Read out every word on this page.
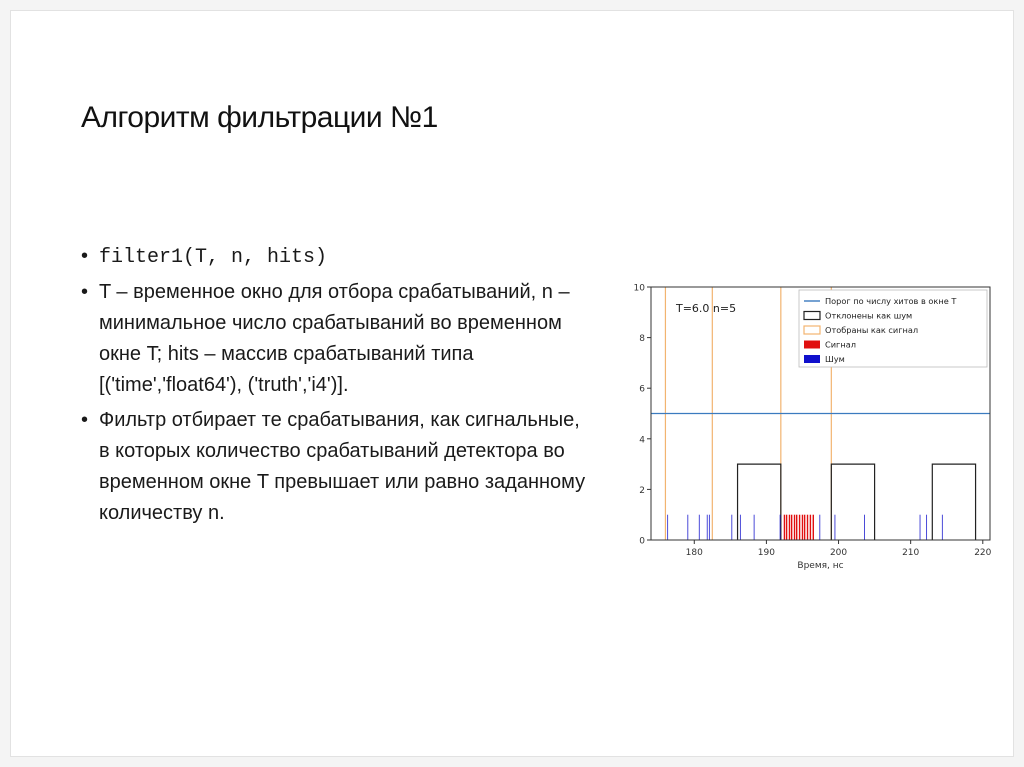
Алгоритм фильтрации №1
• filter1(T, n, hits)
• T – временное окно для отбора срабатываний, n – минимальное число срабатываний во временном окне T; hits – массив срабатываний типа [('time','float64'), ('truth','i4')].
• Фильтр отбирает те срабатывания, как сигнальные, в которых количество срабатываний детектора во временном окне T превышает или равно заданному количеству n.
0
2
4
6
8
10
180	190	200	210	220
Время, нс
T=6.0 n=5
Порог по числу хитов в окне T
Отклонены как шум
Отобраны как сигнал
Сигнал
Шум
